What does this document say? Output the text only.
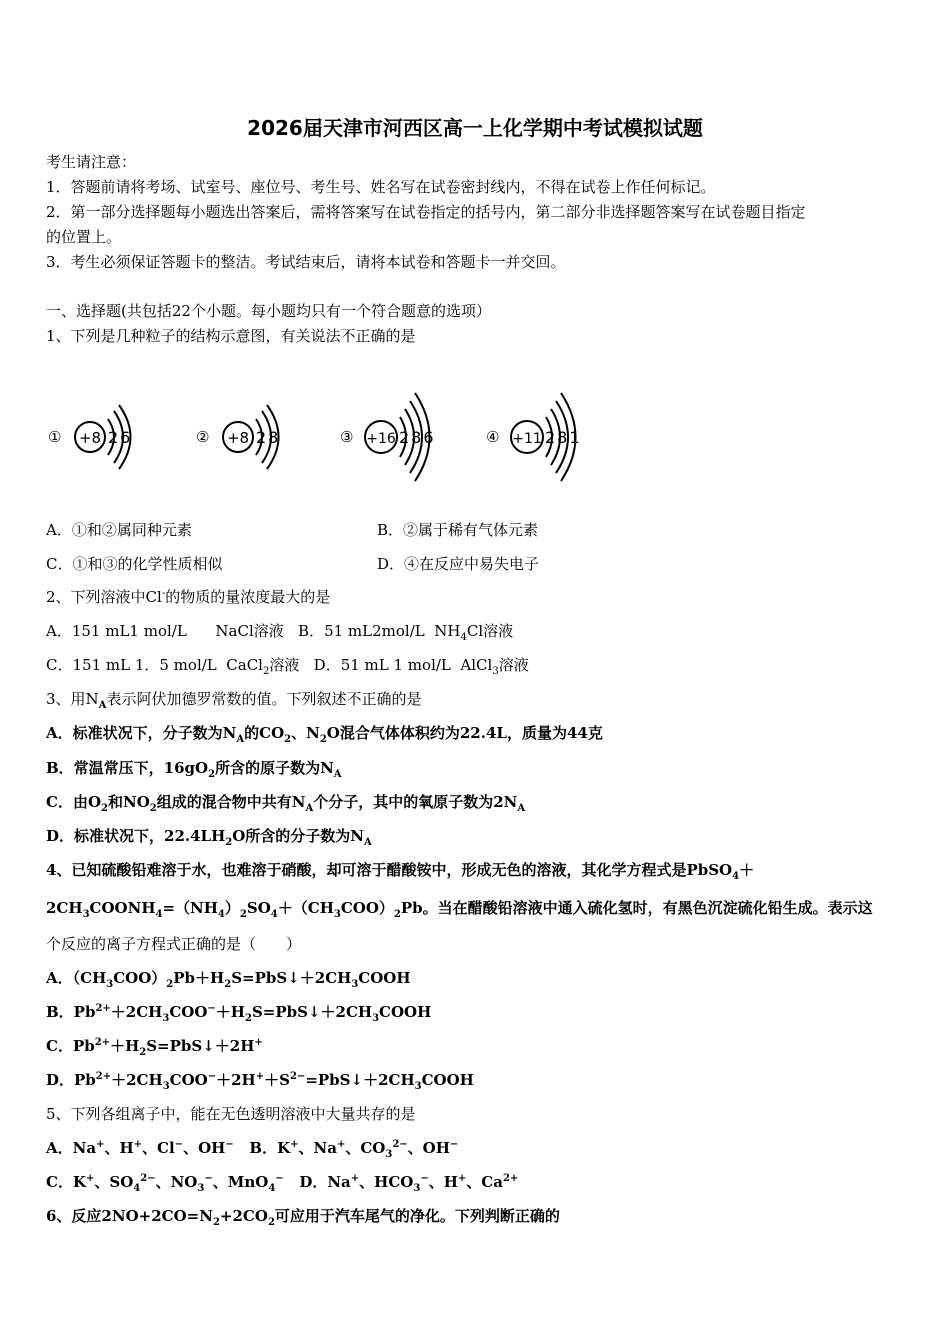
2026届天津市河西区高一上化学期中考试模拟试题
考生请注意：
1．答题前请将考场、试室号、座位号、考生号、姓名写在试卷密封线内，不得在试卷上作任何标记。
2．第一部分选择题每小题选出答案后，需将答案写在试卷指定的括号内，第二部分非选择题答案写在试卷题目指定
的位置上。
3．考生必须保证答题卡的整洁。考试结束后，请将本试卷和答题卡一并交回。
一、选择题(共包括22个小题。每小题均只有一个符合题意的选项）
1、下列是几种粒子的结构示意图，有关说法不正确的是
① +8 26	② +8 28	③ +16 286	④ +11 281
A．①和②属同种元素	B．②属于稀有气体元素
C．①和③的化学性质相似	D．④在反应中易失电子
2、下列溶液中Cl-的物质的量浓度最大的是
A．151 mL1 mol/L      NaCl溶液   B．51 mL2mol/L  $NH_4Cl$溶液
C．151 mL 1．5 mol/L  CaCl$_2$溶液   D．51 mL 1 mol/L  AlCl$_3$溶液
3、用$N_A$表示阿伏加德罗常数的值。下列叙述不正确的是
A．标准状况下，分子数为$N_A$的$CO_2$、$N_2O$混合气体体积约为22.4L，质量为44克
B．常温常压下，$16gO_2$所含的原子数为$N_A$
C．由$O_2$和$NO_2$组成的混合物中共有$N_A$个分子，其中的氧原子数为$2N_A$
D．标准状况下，$22.4LH_2O$所含的分子数为$N_A$
4、已知硫酸铅难溶于水，也难溶于硝酸，却可溶于醋酸铵中，形成无色的溶液，其化学方程式是PbSO$_4$＋
$2CH_3COONH_4=(NH_4)_2SO_4+(CH_3COO)_2Pb$。当在醋酸铅溶液中通入硫化氢时，有黑色沉淀硫化铅生成。表示这
个反应的离子方程式正确的是（　　）
A．$(CH_3COO)_2Pb+H_2S=PbS↓+2CH_3COOH$
B．$Pb^{2+}+2CH_3COO^-+H_2S=PbS↓+2CH_3COOH$
C．$Pb^{2+}+H_2S=PbS↓+2H^+$
D．$Pb^{2+}+2CH_3COO^-+2H^++S^{2-}=PbS↓+2CH_3COOH$
5、下列各组离子中，能在无色透明溶液中大量共存的是
A．Na+、H+、Cl−、OH−   B．K+、Na+、$CO_3^{2-}$、OH−
C．K+、$SO_4^{2-}$、$NO_3^-$、MnO$_4$−   D．Na+、$HCO_3^-$、H+、$Ca^{2+}$
6、反应$2NO+2CO=N_2+2CO_2$可应用于汽车尾气的净化。下列判断正确的
